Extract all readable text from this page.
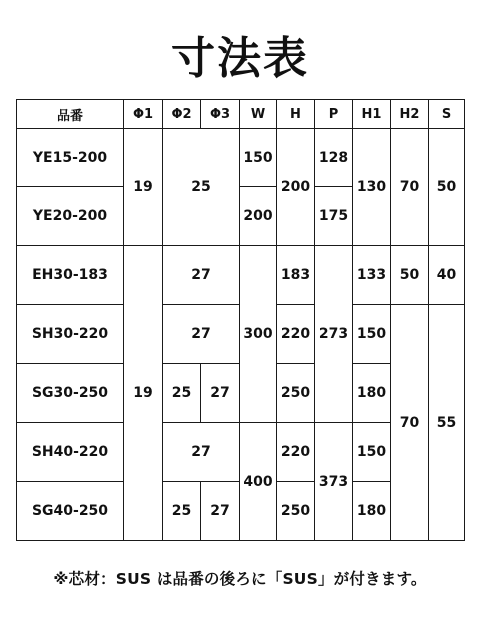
寸法表
品番	Φ1	Φ2	Φ3	W	H	P	H1	H2	S
YE15-200	19	25		150	200	128	130	70	50
YE20-200				200		175			
EH30-183	19	27		300	183	273	133	50	40
SH30-220		27			220		150	70	55
SG30-250		25	27		250		180		
SH40-220		27		400	220	373	150		
SG40-250		25	27		250		180		
※芯材：SUS は品番の後ろに「SUS」が付きます。
